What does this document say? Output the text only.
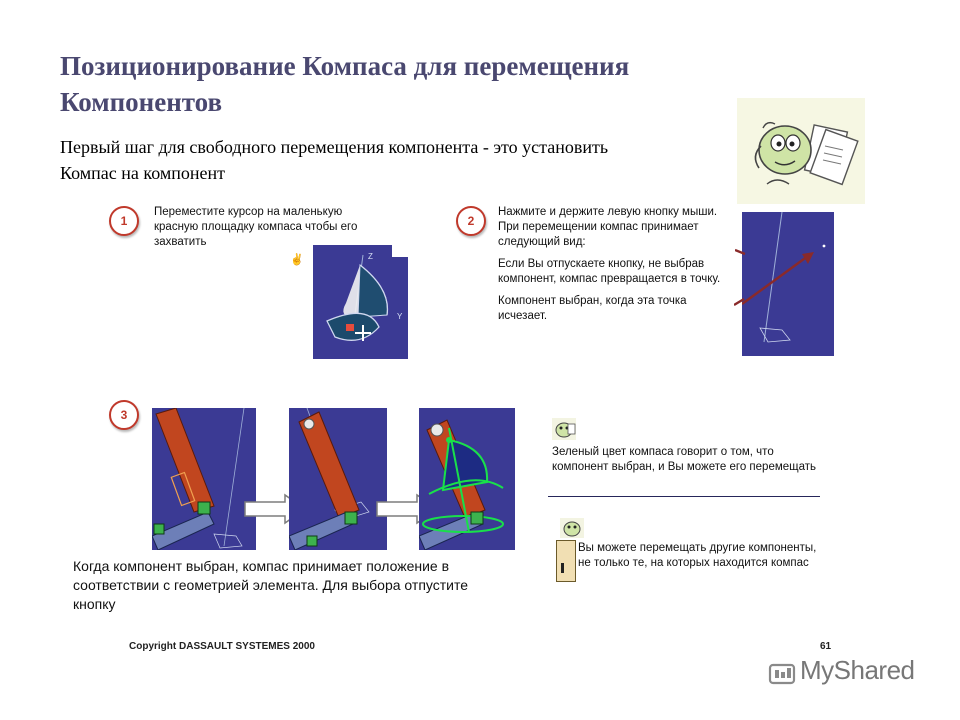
Позиционирование Компаса для перемещения
Компонентов
Первый шаг для свободного перемещения компонента - это установить
Компас на компонент
1
Переместите курсор на маленькую красную площадку компаса чтобы его захватить
✌
Y
Z
2

Нажмите и держите левую кнопку мыши. При перемещении компас принимает следующий вид:

Если Вы отпускаете кнопку, не выбрав компонент, компас превращается в точку.

Компонент выбран, когда эта точка исчезает.

3
Когда компонент выбран, компас принимает положение в соответствии с геометрией элемента. Для выбора отпустите кнопку
Зеленый цвет компаса говорит о том, что компонент выбран, и Вы можете его перемещать
Вы можете перемещать другие компоненты, не только те, на которых находится компас
Copyright DASSAULT SYSTEMES 2000	61
MyShared
